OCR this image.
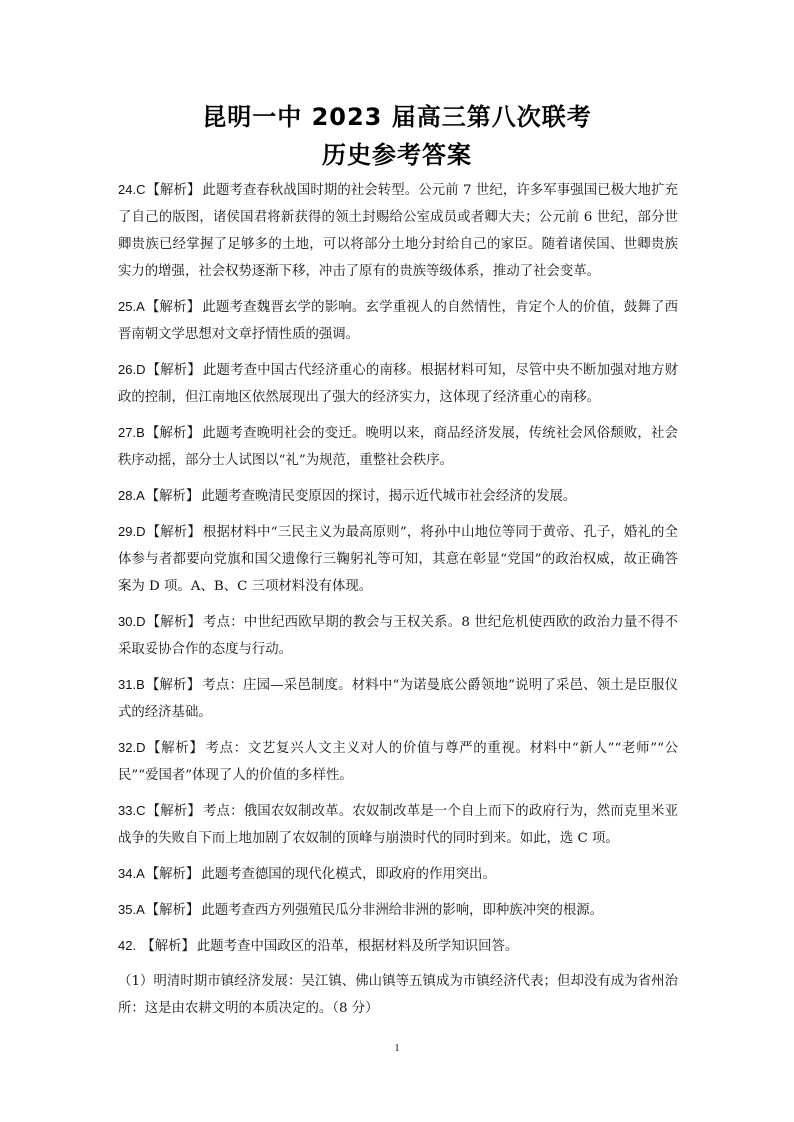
昆明一中 2023 届高三第八次联考
历史参考答案

24.C【解析】 此题考查春秋战国时期的社会转型。公元前 7 世纪，许多军事强国已极大地扩充了自己的版图，诸侯国君将新获得的领土封赐给公室成员或者卿大夫；公元前 6 世纪，部分世卿贵族已经掌握了足够多的土地，可以将部分土地分封给自己的家臣。随着诸侯国、世卿贵族实力的增强，社会权势逐渐下移，冲击了原有的贵族等级体系，推动了社会变革。

25.A【解析】 此题考查魏晋玄学的影响。玄学重视人的自然情性，肯定个人的价值，鼓舞了西晋南朝文学思想对文章抒情性质的强调。

26.D【解析】 此题考查中国古代经济重心的南移。根据材料可知，尽管中央不断加强对地方财政的控制，但江南地区依然展现出了强大的经济实力，这体现了经济重心的南移。

27.B【解析】 此题考查晚明社会的变迁。晚明以来，商品经济发展，传统社会风俗颓败，社会秩序动摇，部分士人试图以“礼”为规范，重整社会秩序。

28.A【解析】 此题考查晚清民变原因的探讨，揭示近代城市社会经济的发展。

29.D【解析】 根据材料中“三民主义为最高原则”，将孙中山地位等同于黄帝、孔子，婚礼的全体参与者都要向党旗和国父遗像行三鞠躬礼等可知，其意在彰显“党国”的政治权威，故正确答案为 D 项。A、B、C 三项材料没有体现。

30.D【解析】 考点：中世纪西欧早期的教会与王权关系。8 世纪危机使西欧的政治力量不得不采取妥协合作的态度与行动。

31.B【解析】 考点：庄园—采邑制度。材料中“为诺曼底公爵领地”说明了采邑、领土是臣服仪式的经济基础。

32.D【解析】 考点：文艺复兴人文主义对人的价值与尊严的重视。材料中“新人”“老师”“公民”“爱国者”体现了人的价值的多样性。

33.C【解析】 考点：俄国农奴制改革。农奴制改革是一个自上而下的政府行为，然而克里米亚战争的失败自下而上地加剧了农奴制的顶峰与崩溃时代的同时到来。如此，选 C 项。

34.A【解析】 此题考查德国的现代化模式，即政府的作用突出。

35.A【解析】 此题考查西方列强殖民瓜分非洲给非洲的影响，即种族冲突的根源。

42. 【解析】 此题考查中国政区的沿革，根据材料及所学知识回答。

（1）明清时期市镇经济发展：吴江镇、佛山镇等五镇成为市镇经济代表；但却没有成为省州治所：这是由农耕文明的本质决定的。（8 分）

1
